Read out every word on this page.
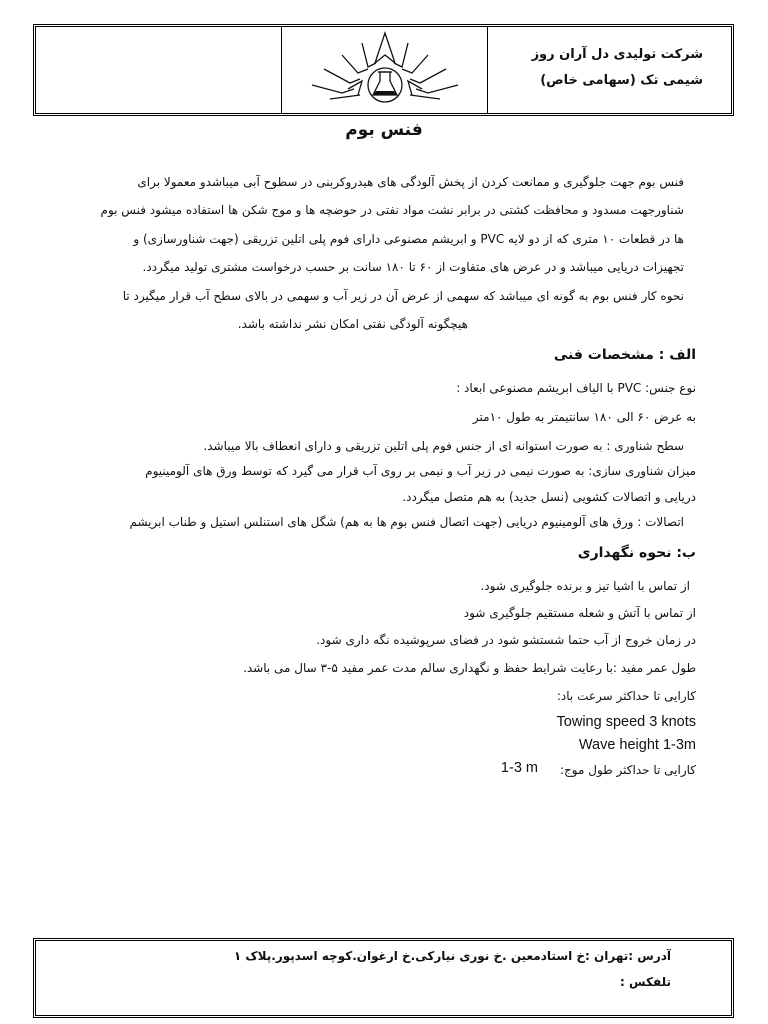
شرکت تولیدی دل آران روز
شیمی تک (سهامی خاص)
فنس بوم
فنس بوم جهت جلوگیری و ممانعت کردن از پخش آلودگی های هیدروکربنی در سطوح آبی میباشدو معمولا برای
شناورجهت مسدود و محافظت کشتی در برابر نشت مواد نفتی در حوضچه ها و موج شکن ها استفاده میشود فنس بوم
ها در قطعات ۱۰ متری که از دو لایه PVC و ابریشم مصنوعی دارای فوم پلی اتلین تزریقی (جهت شناورسازی) و
تجهیزات دریایی میباشد و در عرض های متفاوت از ۶۰ تا ۱۸۰ سانت بر حسب درخواست مشتری تولید میگردد.
نحوه کار فنس بوم به گونه ای میباشد که سهمی از عرض آن در زیر آب و سهمی در بالای سطح آب قرار میگیرد تا
هیچگونه آلودگی نفتی امکان نشر نداشته باشد.
الف : مشخصات فنی
نوع جنس: PVC با الیاف ابریشم مصنوعی ابعاد :
به عرض ۶۰ الی ۱۸۰ سانتیمتر به طول ۱۰متر
سطح شناوری : به صورت استوانه ای از جنس فوم پلی اتلین تزریقی و دارای انعطاف بالا میباشد.
میزان شناوری سازی: به صورت نیمی در زیر آب و نیمی بر روی آب قرار می گیرد که توسط ورق های آلومینیوم
دریایی و اتصالات کشویی (نسل جدید) به هم متصل میگردد.
اتصالات : ورق های آلومینیوم دریایی (جهت اتصال فنس بوم ها به هم) شگل های استنلس استیل و طناب ابریشم
ب: نحوه نگهداری
از تماس با اشیا تیز و برنده جلوگیری شود.
از تماس با آتش و شعله مستقیم جلوگیری شود
در زمان خروج از آب حتما شستشو شود در فضای سرپوشیده نگه داری شود.
طول عمر مفید :با رعایت شرایط حفظ و نگهداری سالم مدت عمر مفید ۵-۳ سال می باشد.
کارایی تا حداکثر سرعت باد:
Towing speed 3 knots
Wave height 1-3m
کارایی تا حداکثر طول موج:
1-3 m
آدرس :تهران :خ استادمعین .خ نوری نیارکی.خ ارغوان.کوچه اسدپور.پلاک ۱
تلفکس :
